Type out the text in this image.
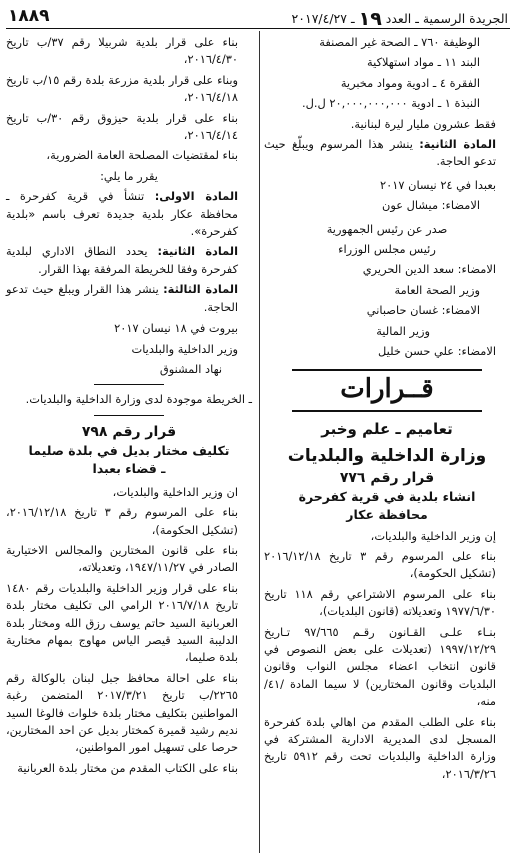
الجريدة الرسمية ـ العدد ١٩ ـ ٢٠١٧/٤/٢٧
١٨٨٩

الوظيفة ٧٦٠ ـ الصحة غير المصنفة

البند ١١ ـ مواد استهلاكية

الفقرة ٤ ـ ادوية ومواد مخبرية

النبذة ١ ـ ادوية ٢٠,٠٠٠,٠٠٠,٠٠٠ ل.ل.

فقط عشرون مليار ليرة لبنانية.

المادة الثانية: ينشر هذا المرسوم ويبلّغ حيث تدعو الحاجة.

بعبدا في ٢٤ نيسان ٢٠١٧

الامضاء: ميشال عون

صدر عن رئيس الجمهورية

رئيس مجلس الوزراء

الامضاء: سعد الدين الحريري

وزير الصحة العامة

الامضاء: غسان حاصباني

وزير المالية

الامضاء: علي حسن خليل

قــرارات
تعاميم ـ علم وخبر
وزارة الداخلية والبلديات
قرار رقم ٧٧٦
انشاء بلدية في قرية كفرحرة
محافظة عكار

إن وزير الداخلية والبلديات،

بناء على المرسوم رقم ٣ تاريخ ٢٠١٦/١٢/١٨ (تشكيل الحكومة)،

بناء على المرسوم الاشتراعي رقم ١١٨ تاريخ ١٩٧٧/٦/٣٠ وتعديلاته (قانون البلديات)،

بنـاء علـى القـانون رقـم ٩٧/٦٦٥ تـاريخ ١٩٩٧/١٢/٢٩ (تعديلات على بعض النصوص في قانون انتخاب اعضاء مجلس النواب وقانون البلديات وقانون المختارين) لا سيما المادة /٤١/ منه،

بناء على الطلب المقدم من اهالي بلدة كفرحرة المسجل لدى المديرية الادارية المشتركة في وزارة الداخلية والبلديات تحت رقم ٥٩١٢ تاريخ ٢٠١٦/٣/٢٦،

بناء على قرار بلدية شربيلا رقم ٣٧/ب تاريخ ٢٠١٦/٤/٣٠،

وبناء على قرار بلدية مزرعة بلدة رقم ١٥/ب تاريخ ٢٠١٦/٤/١٨،

بناء على قرار بلدية حيزوق رقم ٣٠/ب تاريخ ٢٠١٦/٤/١٤،

بناء لمقتضيات المصلحة العامة الضرورية،

يقرر ما يلي:

المادة الاولى: تنشأ في قرية كفرحرة ـ محافظة عكار بلدية جديدة تعرف باسم «بلدية كفرحرة».

المادة الثانية: يحدد النطاق الاداري لبلدية كفرحرة وفقا للخريطة المرفقة بهذا القرار.

المادة الثالثة: ينشر هذا القرار ويبلغ حيث تدعو الحاجة.

بيروت في ١٨ نيسان ٢٠١٧

وزير الداخلية والبلديات

نهاد المشنوق

ـ الخريطة موجودة لدى وزارة الداخلية والبلديات.

قرار رقم ٧٩٨
تكليف مختار بديل في بلدة صليما ـ قضاء بعبدا

ان وزير الداخلية والبلديات،

بناء على المرسوم رقم ٣ تاريخ ٢٠١٦/١٢/١٨، (تشكيل الحكومة)،

بناء على قانون المختارين والمجالس الاختيارية الصادر في ١٩٤٧/١١/٢٧، وتعديلاته،

بناء على قرار وزير الداخلية والبلديات رقم ١٤٨٠ تاريخ ٢٠١٦/٧/١٨ الرامي الى تكليف مختار بلدة العربانية السيد حاتم يوسف رزق الله ومختار بلدة الدليبة السيد قيصر الياس مهاوج بمهام مختارية بلدة صليما،

بناء على احالة محافظ جبل لبنان بالوكالة رقم ٢٢٦٥/ب تاريخ ٢٠١٧/٣/٢١ المتضمن رغبة المواطنين بتكليف مختار بلدة خلوات فالوغا السيد نديم رشيد قميرة كمختار بديل عن احد المختارين، حرصا على تسهيل امور المواطنين،

بناء على الكتاب المقدم من مختار بلدة العربانية
